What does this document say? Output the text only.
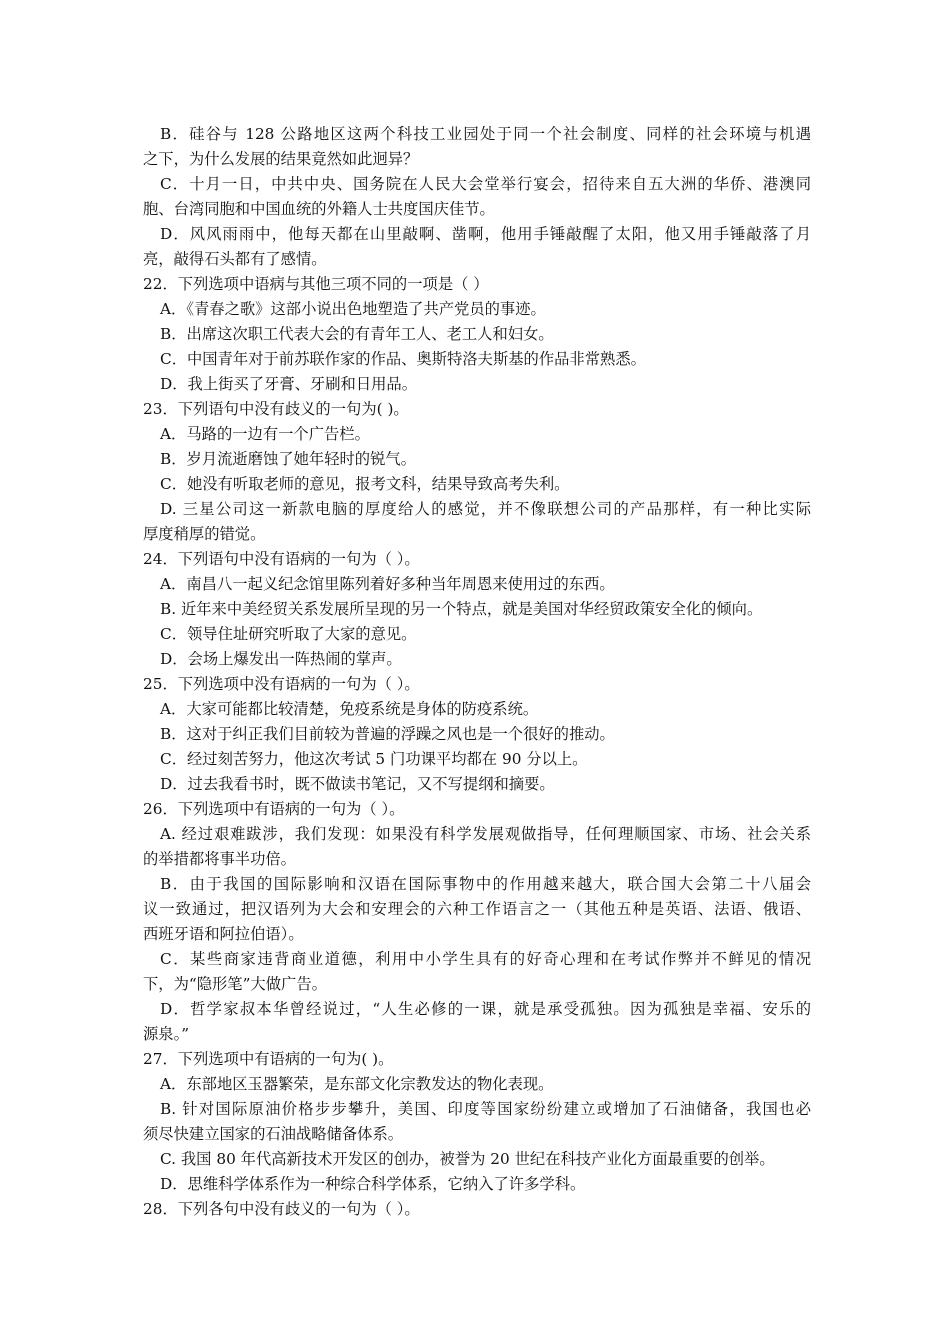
B．硅谷与 128 公路地区这两个科技工业园处于同一个社会制度、同样的社会环境与机遇
之下，为什么发展的结果竟然如此迥异？
C．十月一日，中共中央、国务院在人民大会堂举行宴会，招待来自五大洲的华侨、港澳同
胞、台湾同胞和中国血统的外籍人士共度国庆佳节。
D．风风雨雨中，他每天都在山里敲啊、凿啊，他用手锤敲醒了太阳，他又用手锤敲落了月
亮，敲得石头都有了感情。
22．下列选项中语病与其他三项不同的一项是（ ）
A．《青春之歌》这部小说出色地塑造了共产党员的事迹。
B．出席这次职工代表大会的有青年工人、老工人和妇女。
C．中国青年对于前苏联作家的作品、奥斯特洛夫斯基的作品非常熟悉。
D．我上街买了牙膏、牙刷和日用品。
23．下列语句中没有歧义的一句为( )。
A．马路的一边有一个广告栏。
B．岁月流逝磨蚀了她年轻时的锐气。
C．她没有听取老师的意见，报考文科，结果导致高考失利。
D. 三星公司这一新款电脑的厚度给人的感觉，并不像联想公司的产品那样，有一种比实际
厚度稍厚的错觉。
24．下列语句中没有语病的一句为（ ）。
A．南昌八一起义纪念馆里陈列着好多种当年周恩来使用过的东西。
B. 近年来中美经贸关系发展所呈现的另一个特点，就是美国对华经贸政策安全化的倾向。
C．领导住址研究听取了大家的意见。
D．会场上爆发出一阵热闹的掌声。
25．下列选项中没有语病的一句为（ ）。
A．大家可能都比较清楚，免疫系统是身体的防疫系统。
B．这对于纠正我们目前较为普遍的浮躁之风也是一个很好的推动。
C．经过刻苦努力，他这次考试 5 门功课平均都在 90 分以上。
D．过去我看书时，既不做读书笔记，又不写提纲和摘要。
26．下列选项中有语病的一句为（ ）。
A. 经过艰难跋涉，我们发现：如果没有科学发展观做指导，任何理顺国家、市场、社会关系
的举措都将事半功倍。
B．由于我国的国际影响和汉语在国际事物中的作用越来越大，联合国大会第二十八届会
议一致通过，把汉语列为大会和安理会的六种工作语言之一（其他五种是英语、法语、俄语、
西班牙语和阿拉伯语）。
C．某些商家违背商业道德，利用中小学生具有的好奇心理和在考试作弊并不鲜见的情况
下，为“隐形笔”大做广告。
D．哲学家叔本华曾经说过，“人生必修的一课，就是承受孤独。因为孤独是幸福、安乐的
源泉。”
27．下列选项中有语病的一句为( )。
A．东部地区玉器繁荣，是东部文化宗教发达的物化表现。
B. 针对国际原油价格步步攀升，美国、印度等国家纷纷建立或增加了石油储备，我国也必
须尽快建立国家的石油战略储备体系。
C. 我国 80 年代高新技术开发区的创办，被誉为 20 世纪在科技产业化方面最重要的创举。
D．思维科学体系作为一种综合科学体系，它纳入了许多学科。
28．下列各句中没有歧义的一句为（ ）。
